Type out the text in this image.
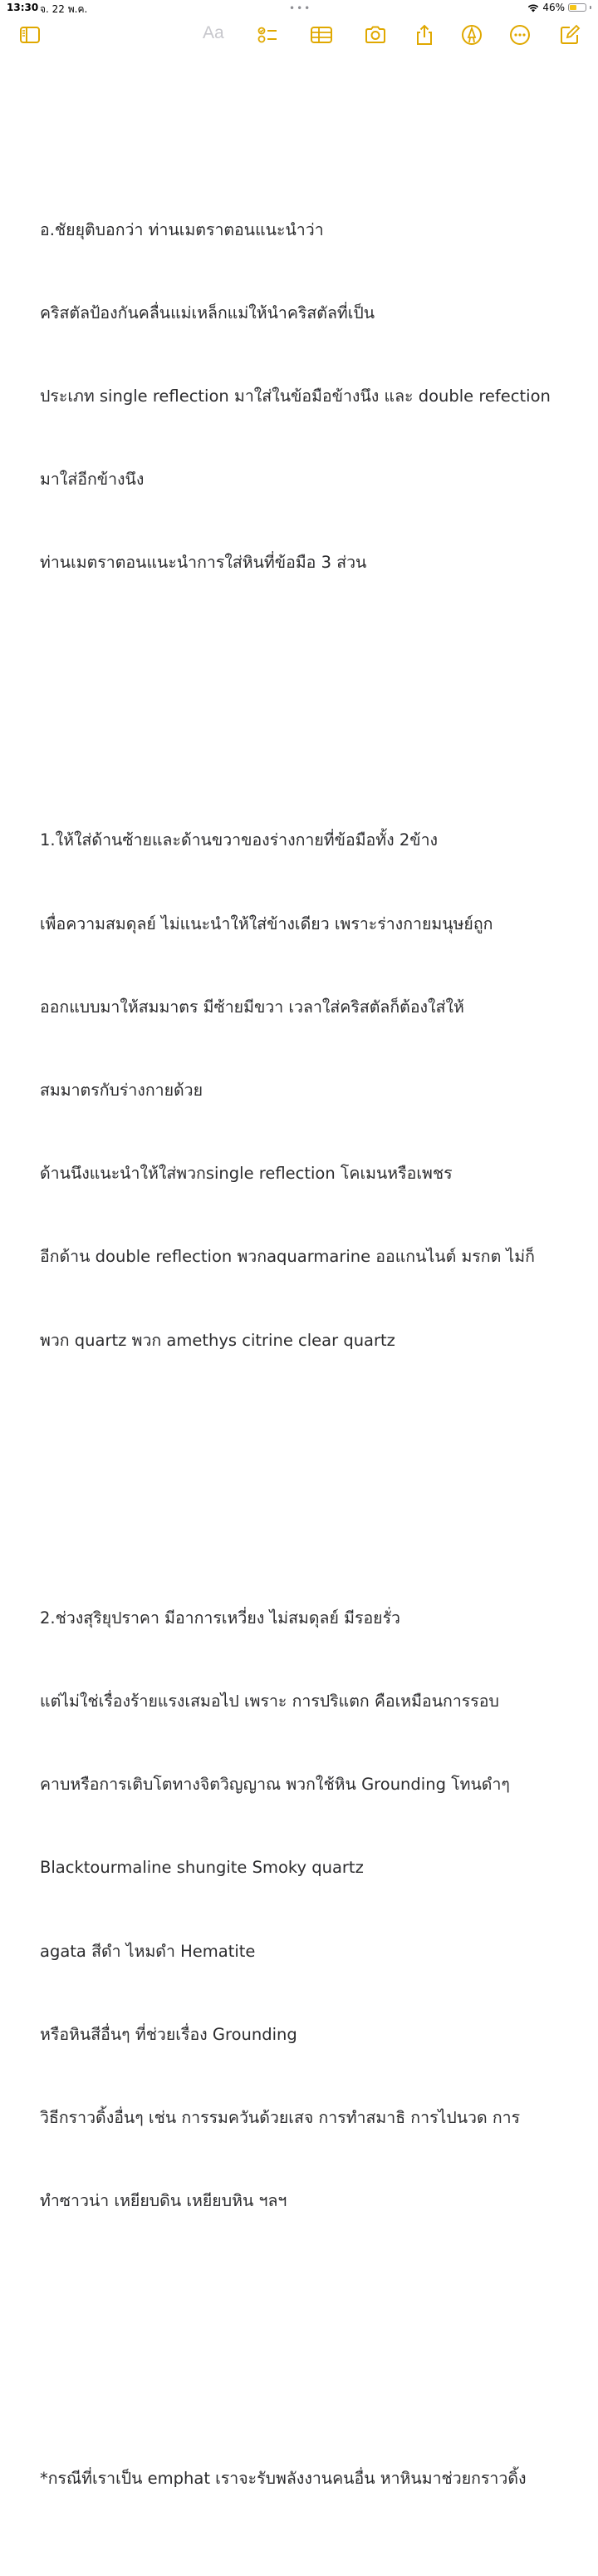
13:30 จ. 22 พ.ค.	•••	46%
Aa

อ.ชัยยุติบอกว่า ท่านเมตราตอนแนะนำว่า

คริสตัลป้องกันคลื่นแม่เหล็กแม่ให้นำคริสตัลที่เป็น

ประเภท single reflection มาใส่ในข้อมือข้างนึง และ double refection

มาใส่อีกข้างนึง

ท่านเมตราตอนแนะนำการใส่หินที่ข้อมือ 3 ส่วน

1.ให้ใส่ด้านซ้ายและด้านขวาของร่างกายที่ข้อมือทั้ง 2ข้าง

เพื่อความสมดุลย์ ไม่แนะนำให้ใส่ข้างเดียว เพราะร่างกายมนุษย์ถูก

ออกแบบมาให้สมมาตร มีซ้ายมีขวา เวลาใส่คริสตัลก็ต้องใส่ให้

สมมาตรกับร่างกายด้วย

ด้านนึงแนะนำให้ใส่พวกsingle reflection โคเมนหรือเพชร

อีกด้าน double reflection พวกaquarmarine ออแกนไนต์ มรกต ไม่ก็

พวก quartz พวก amethys citrine clear quartz

2.ช่วงสุริยุปราคา มีอาการเหวี่ยง ไม่สมดุลย์ มีรอยรั่ว

แต่ไม่ใช่เรื่องร้ายแรงเสมอไป เพราะ การปริแตก คือเหมือนการรอบ

คาบหรือการเติบโตทางจิตวิญญาณ พวกใช้หิน Grounding โทนดำๆ

Blacktourmaline shungite Smoky quartz

agata สีดำ ไหมดำ Hematite

หรือหินสีอื่นๆ ที่ช่วยเรื่อง Grounding

วิธีกราวดิ้งอื่นๆ เช่น การรมควันด้วยเสจ การทำสมาธิ การไปนวด การ

ทำซาวน่า เหยียบดิน เหยียบหิน ฯลฯ

*กรณีที่เราเป็น emphat เราจะรับพลังงานคนอื่น หาหินมาช่วยกราวดิ้ง
